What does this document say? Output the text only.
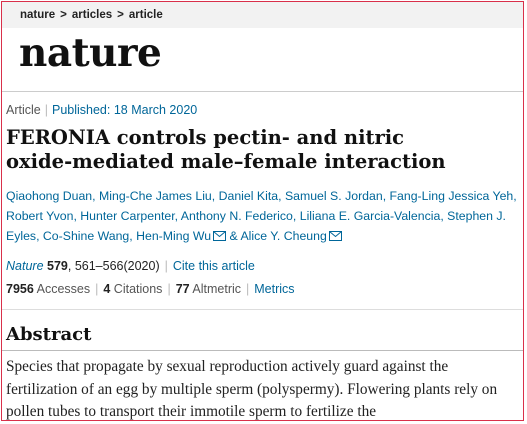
nature > articles > article
nature
Article | Published: 18 March 2020
FERONIA controls pectin- and nitric
oxide-mediated male–female interaction
Qiaohong Duan, Ming-Che James Liu, Daniel Kita, Samuel S. Jordan, Fang-Ling Jessica Yeh, Robert Yvon, Hunter Carpenter, Anthony N. Federico, Liliana E. Garcia-Valencia, Stephen J. Eyles, Co-Shine Wang, Hen-Ming Wu & Alice Y. Cheung
Nature 579, 561–566(2020) | Cite this article
7956 Accesses | 4 Citations | 77 Altmetric | Metrics
Abstract

Species that propagate by sexual reproduction actively guard against the fertilization of an egg by multiple sperm (polyspermy). Flowering plants rely on pollen tubes to transport their immotile sperm to fertilize the
